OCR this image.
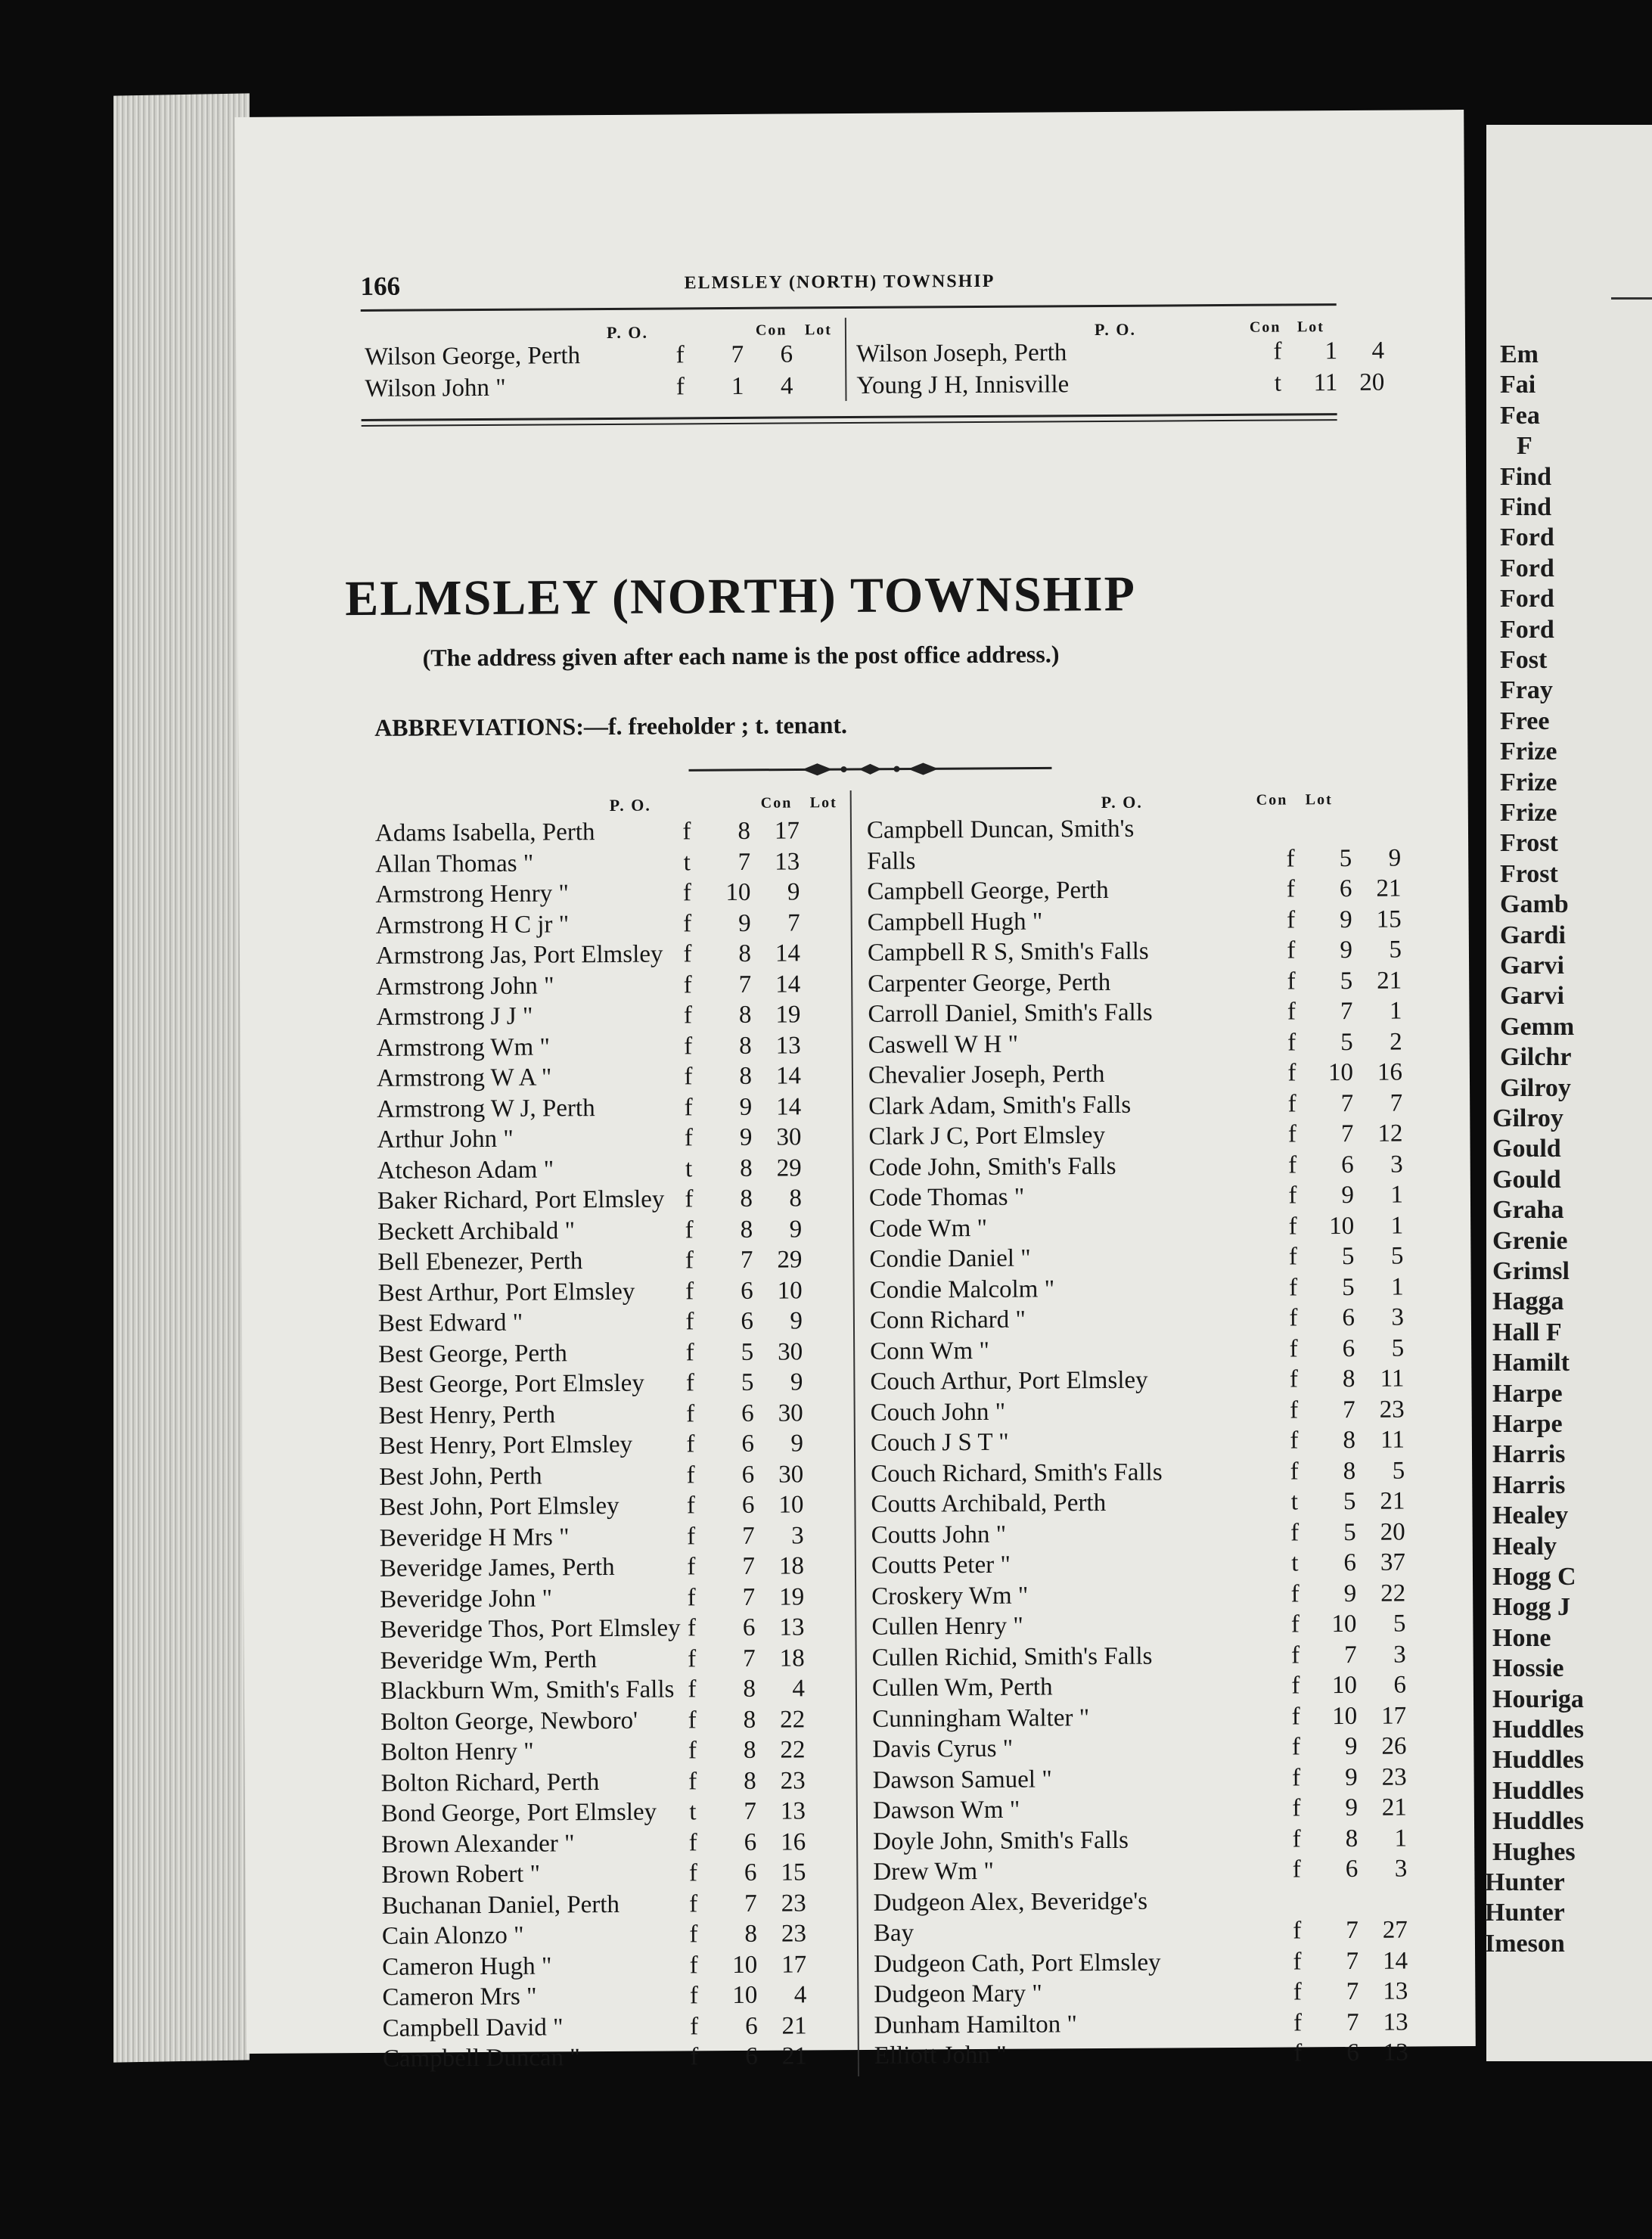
Em
Fai
Fea
F
Find
Find
Ford
Ford
Ford
Ford
Fost
Fray
Free
Frize
Frize
Frize
Frost
Frost
Gamb
Gardi
Garvi
Garvi
Gemm
Gilchr
Gilroy
Gilroy
Gould
Gould
Graha
Grenie
Grimsl
Hagga
Hall F
Hamilt
Harpe
Harpe
Harris
Harris
Healey
Healy
Hogg C
Hogg J
Hone
Hossie
Houriga
Huddles
Huddles
Huddles
Huddles
Hughes
Hunter
Hunter
Imeson
166	ELMSLEY (NORTH) TOWNSHIP
P. O.	Con Lot	P. O.	Con Lot
Wilson George, Perth	f	7	6
Wilson John "	f	1	4
Wilson Joseph, Perth	f	1	4
Young J H, Innisville	t	11 20
ELMSLEY (NORTH) TOWNSHIP
(The address given after each name is the post office address.)
ABBREVIATIONS:—f. freeholder ; t. tenant.
P. O.	Con Lot	P. O.	Con Lot
Adams Isabella, Perth	f	8 17
Allan Thomas "	t	7 13
Armstrong Henry "	f	10	9
Armstrong H C jr "	f	9	7
Armstrong Jas, Port Elmsley f	8 14
Armstrong John "	f	7 14
Armstrong J J "	f	8 19
Armstrong Wm "	f	8 13
Armstrong W A "	f	8 14
Armstrong W J, Perth	f	9 14
Arthur John "	f	9 30
Atcheson Adam "	t	8 29
Baker Richard, Port Elmsley f	8	8
Beckett Archibald "	f	8	9
Bell Ebenezer, Perth	f	7 29
Best Arthur, Port Elmsley f	6 10
Best Edward "	f	6	9
Best George, Perth	f	5 30
Best George, Port Elmsley f	5	9
Best Henry, Perth	f	6 30
Best Henry, Port Elmsley f	6	9
Best John, Perth	f	6 30
Best John, Port Elmsley	f	6 10
Beveridge H Mrs "	f	7	3
Beveridge James, Perth	f	7 18
Beveridge John "	f	7 19
Beveridge Thos, Port Elmsley f	6 13
Beveridge Wm, Perth	f	7 18
Blackburn Wm, Smith's Falls f	8	4
Bolton George, Newboro' f	8 22
Bolton Henry "	f	8 22
Bolton Richard, Perth	f	8 23
Bond George, Port Elmsley t	7 13
Brown Alexander "	f	6 16
Brown Robert "	f	6 15
Buchanan Daniel, Perth	f	7 23
Cain Alonzo "	f	8 23
Cameron Hugh "	f	10 17
Cameron Mrs "	f	10	4
Campbell David "	f	6 21
Campbell Duncan "	f	6 21
Campbell Duncan, Smith's
Falls	f	5	9
Campbell George, Perth	f	6 21
Campbell Hugh "	f	9 15
Campbell R S, Smith's Falls	f	9	5
Carpenter George, Perth	f	5 21
Carroll Daniel, Smith's Falls	f	7	1
Caswell W H "	f	5	2
Chevalier Joseph, Perth	f	10 16
Clark Adam, Smith's Falls	f	7	7
Clark J C, Port Elmsley	f	7 12
Code John, Smith's Falls	f	6	3
Code Thomas "	f	9	1
Code Wm "	f	10	1
Condie Daniel "	f	5	5
Condie Malcolm "	f	5	1
Conn Richard "	f	6	3
Conn Wm "	f	6	5
Couch Arthur, Port Elmsley	f	8 11
Couch John "	f	7 23
Couch J S T "	f	8 11
Couch Richard, Smith's Falls	f	8	5
Coutts Archibald, Perth	t	5 21
Coutts John "	f	5 20
Coutts Peter "	t	6 37
Croskery Wm "	f	9 22
Cullen Henry "	f	10	5
Cullen Richid, Smith's Falls	f	7	3
Cullen Wm, Perth	f	10	6
Cunningham Walter "	f	10 17
Davis Cyrus "	f	9 26
Dawson Samuel "	f	9 23
Dawson Wm "	f	9 21
Doyle John, Smith's Falls	f	8	1
Drew Wm "	f	6	3
Dudgeon Alex, Beveridge's
Bay	f	7 27
Dudgeon Cath, Port Elmsley	f	7 14
Dudgeon Mary "	f	7 13
Dunham Hamilton "	f	7 13
Elliott John "	f	6 13
